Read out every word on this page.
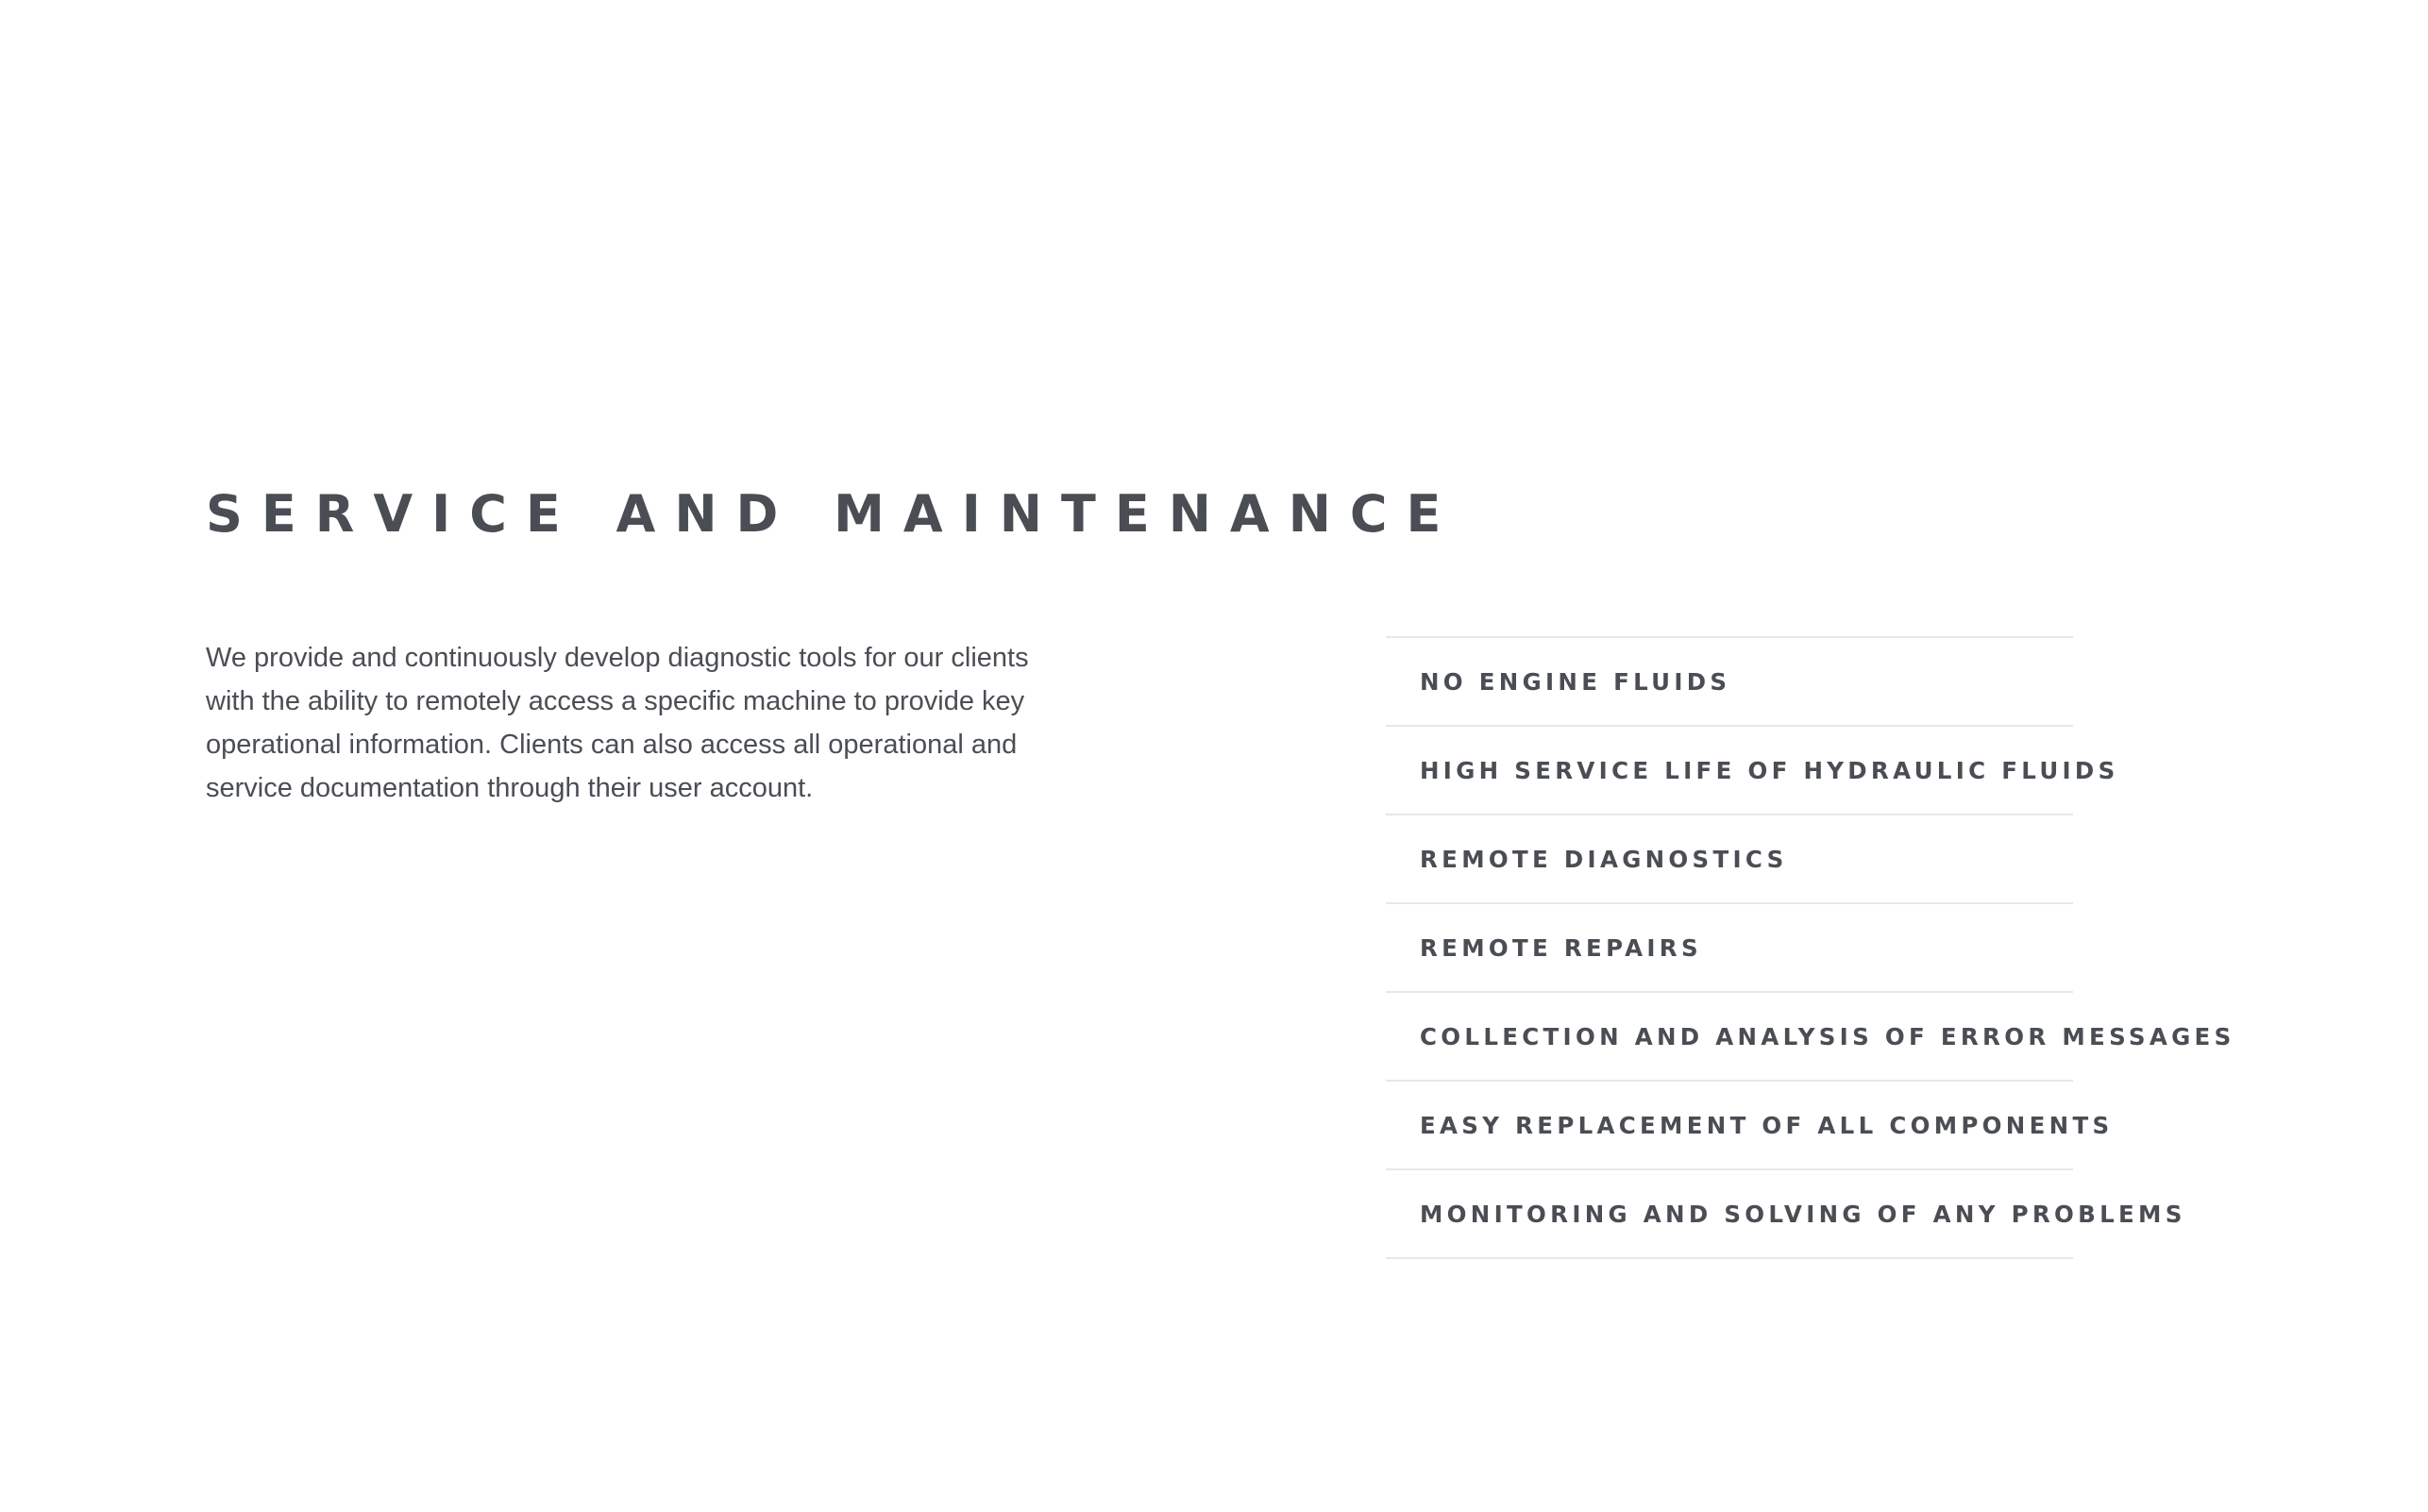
SERVICE AND MAINTENANCE

We provide and continuously develop diagnostic tools for our clients with the ability to remotely access a specific machine to provide key operational information. Clients can also access all operational and service documentation through their user account.

NO ENGINE FLUIDS
HIGH SERVICE LIFE OF HYDRAULIC FLUIDS
REMOTE DIAGNOSTICS
REMOTE REPAIRS
COLLECTION AND ANALYSIS OF ERROR MESSAGES
EASY REPLACEMENT OF ALL COMPONENTS
MONITORING AND SOLVING OF ANY PROBLEMS
